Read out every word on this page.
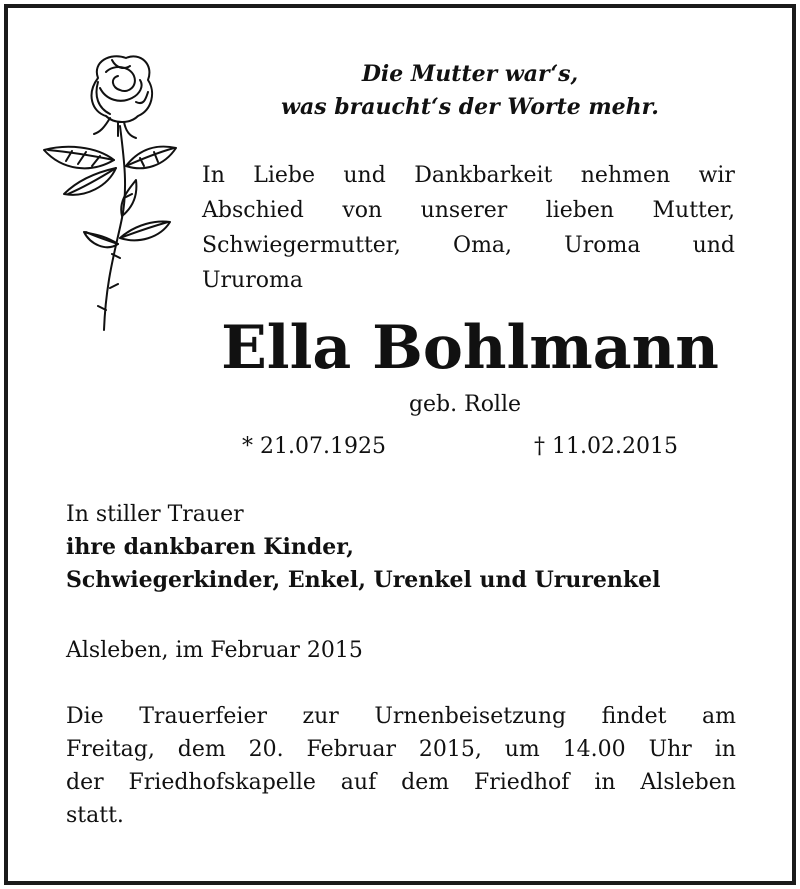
Die Mutter war‘s,
was braucht‘s der Worte mehr.
In Liebe und Dankbarkeit nehmen wir
Abschied von unserer lieben Mutter,
Schwiegermutter, Oma, Uroma und
Ururoma
Ella Bohlmann
geb. Rolle
* 21.07.1925	† 11.02.2015
In stiller Trauer
ihre dankbaren Kinder,
Schwiegerkinder, Enkel, Urenkel und Ururenkel
Alsleben, im Februar 2015
Die Trauerfeier zur Urnenbeisetzung findet am
Freitag, dem 20. Februar 2015, um 14.00 Uhr in
der Friedhofskapelle auf dem Friedhof in Alsleben
statt.
